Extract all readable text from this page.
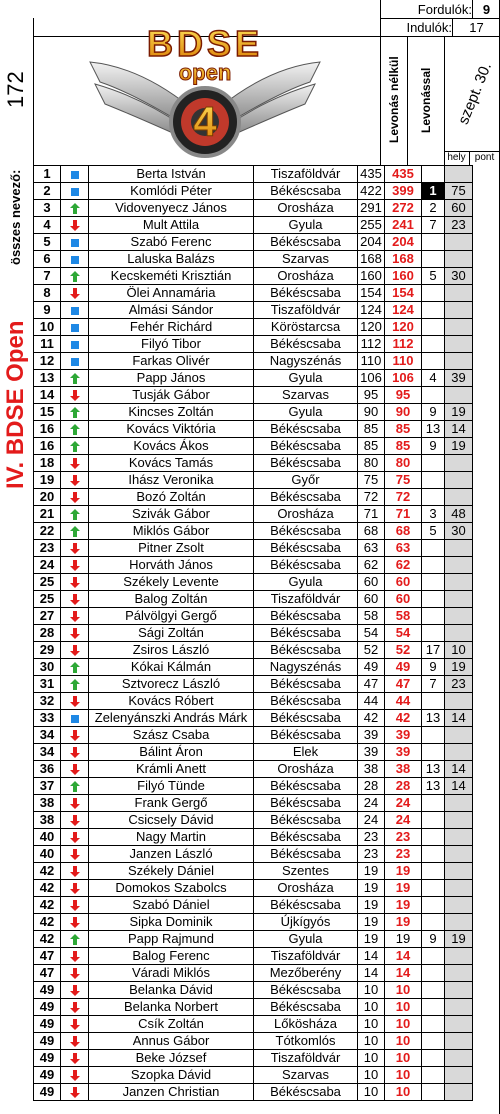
Fordulók: 9
Indulók:	17
172
összes nevező:
IV. BDSE Open
Levonás nélkül	Levonással	szept. 30.
hely pont
4
BDSE
open
1		Berta István	Tiszaföldvár	435	435		
2		Komlódi Péter	Békéscsaba	422	399	1	75
3		Vidovenyecz János	Orosháza	291	272	2	60
4		Mult Attila	Gyula	255	241	7	23
5		Szabó Ferenc	Békéscsaba	204	204		
6		Laluska Balázs	Szarvas	168	168		
7		Kecskeméti Krisztián	Orosháza	160	160	5	30
8		Ölei Annamária	Békéscsaba	154	154		
9		Almási Sándor	Tiszaföldvár	124	124		
10		Fehér Richárd	Köröstarcsa	120	120		
11		Filyó Tibor	Békéscsaba	112	112		
12		Farkas Olivér	Nagyszénás	110	110		
13		Papp János	Gyula	106	106	4	39
14		Tusják Gábor	Szarvas	95	95		
15		Kincses Zoltán	Gyula	90	90	9	19
16		Kovács Viktória	Békéscsaba	85	85	13	14
16		Kovács Ákos	Békéscsaba	85	85	9	19
18		Kovács Tamás	Békéscsaba	80	80		
19		Ihász Veronika	Győr	75	75		
20		Bozó Zoltán	Békéscsaba	72	72		
21		Szivák Gábor	Orosháza	71	71	3	48
22		Miklós Gábor	Békéscsaba	68	68	5	30
23		Pitner Zsolt	Békéscsaba	63	63		
24		Horváth János	Békéscsaba	62	62		
25		Székely Levente	Gyula	60	60		
25		Balog Zoltán	Tiszaföldvár	60	60		
27		Pálvölgyi Gergő	Békéscsaba	58	58		
28		Sági Zoltán	Békéscsaba	54	54		
29		Zsiros László	Békéscsaba	52	52	17	10
30		Kókai Kálmán	Nagyszénás	49	49	9	19
31		Sztvorecz László	Békéscsaba	47	47	7	23
32		Kovács Róbert	Békéscsaba	44	44		
33		Zelenyánszki András Márk	Békéscsaba	42	42	13	14
34		Szász Csaba	Békéscsaba	39	39		
34		Bálint Áron	Elek	39	39		
36		Krámli Anett	Orosháza	38	38	13	14
37		Filyó Tünde	Békéscsaba	28	28	13	14
38		Frank Gergő	Békéscsaba	24	24		
38		Csicsely Dávid	Békéscsaba	24	24		
40		Nagy Martin	Békéscsaba	23	23		
40		Janzen László	Békéscsaba	23	23		
42		Székely Dániel	Szentes	19	19		
42		Domokos Szabolcs	Orosháza	19	19		
42		Szabó Dániel	Békéscsaba	19	19		
42		Sipka Dominik	Újkígyós	19	19		
42		Papp Rajmund	Gyula	19	19	9	19
47		Balog Ferenc	Tiszaföldvár	14	14		
47		Váradi Miklós	Mezőberény	14	14		
49		Belanka Dávid	Békéscsaba	10	10		
49		Belanka Norbert	Békéscsaba	10	10		
49		Csík Zoltán	Lőkösháza	10	10		
49		Annus Gábor	Tótkomlós	10	10		
49		Beke József	Tiszaföldvár	10	10		
49		Szopka Dávid	Szarvas	10	10		
49		Janzen Christian	Békéscsaba	10	10		
